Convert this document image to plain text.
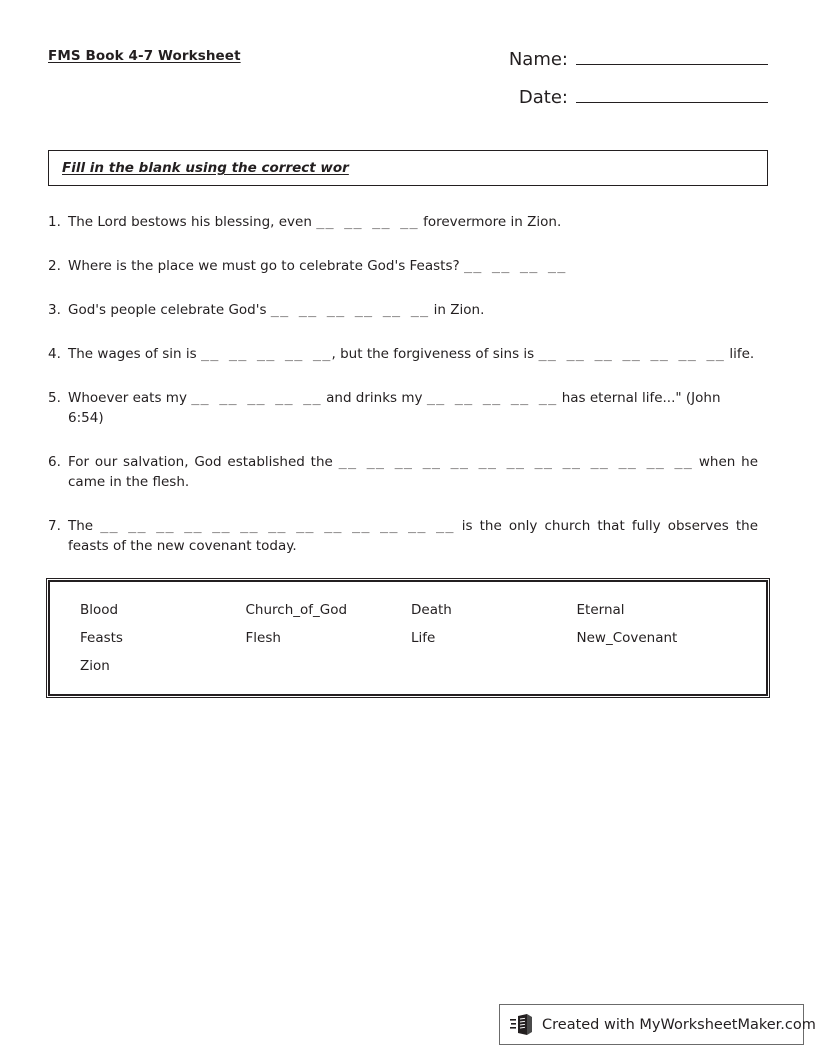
FMS Book 4-7 Worksheet	Name:
Date:
Fill in the blank using the correct wor
1. The Lord bestows his blessing, even __ __ __ __ forevermore in Zion.
2. Where is the place we must go to celebrate God's Feasts? __ __ __ __
3. God's people celebrate God's __ __ __ __ __ __ in Zion.
4. The wages of sin is __ __ __ __ __, but the forgiveness of sins is __ __ __ __ __ __ __ life.
5. Whoever eats my __ __ __ __ __ and drinks my __ __ __ __ __ has eternal life..." (John 6:54)
6. For our salvation, God established the __ __ __ __ __ __ __ __ __ __ __ __ __ when he came in the flesh.
7. The __ __ __ __ __ __ __ __ __ __ __ __ __ is the only church that fully observes the feasts of the new covenant today.
Blood	Church_of_God	Death	Eternal
Feasts	Flesh	Life	New_Covenant
Zion
Created with MyWorksheetMaker.com
